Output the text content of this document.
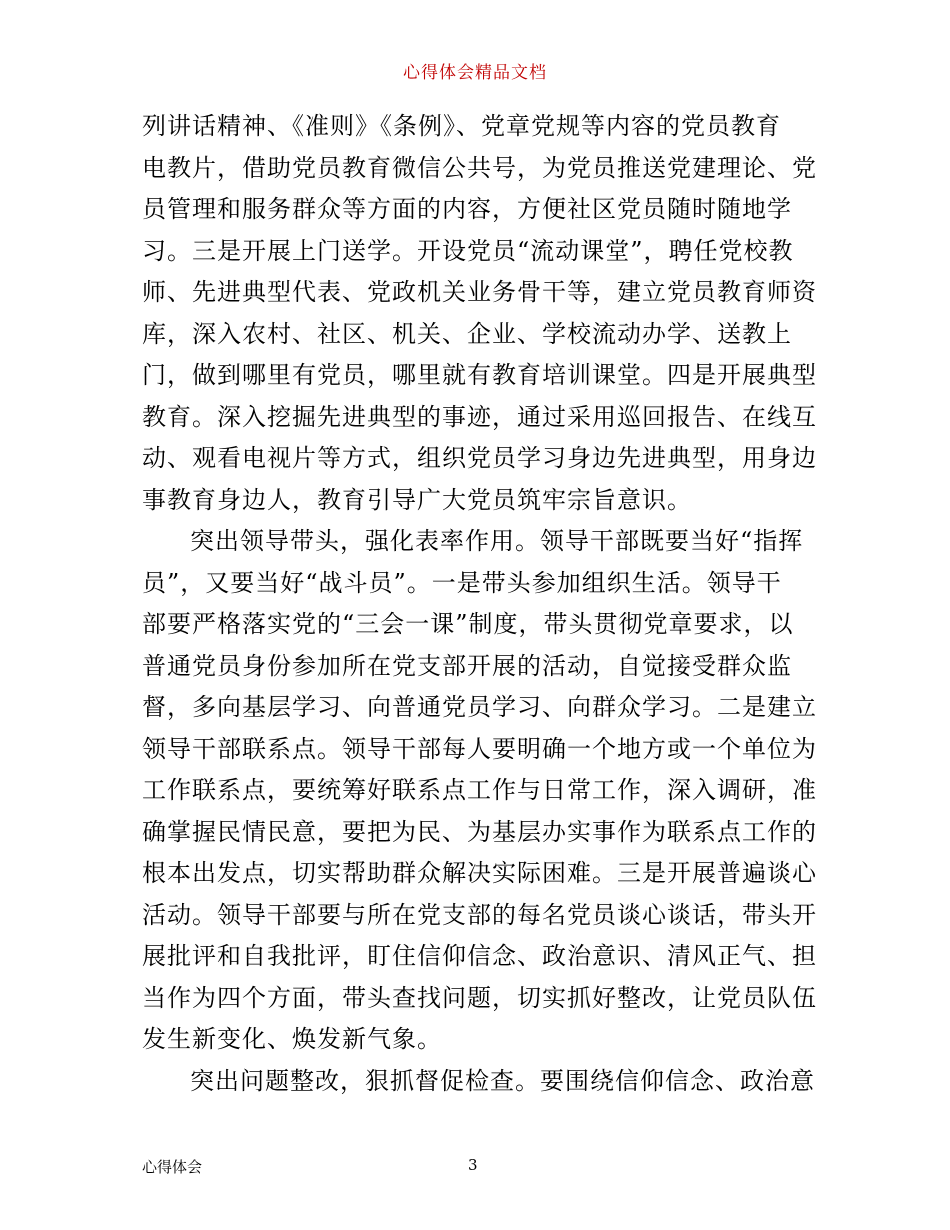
心得体会精品文档
列讲话精神、《准则》《条例》、党章党规等内容的党员教育
电教片，借助党员教育微信公共号，为党员推送党建理论、党
员管理和服务群众等方面的内容，方便社区党员随时随地学
习。三是开展上门送学。开设党员“流动课堂”，聘任党校教
师、先进典型代表、党政机关业务骨干等，建立党员教育师资
库，深入农村、社区、机关、企业、学校流动办学、送教上
门，做到哪里有党员，哪里就有教育培训课堂。四是开展典型
教育。深入挖掘先进典型的事迹，通过采用巡回报告、在线互
动、观看电视片等方式，组织党员学习身边先进典型，用身边
事教育身边人，教育引导广大党员筑牢宗旨意识。
突出领导带头，强化表率作用。领导干部既要当好“指挥
员”，又要当好“战斗员”。一是带头参加组织生活。领导干
部要严格落实党的“三会一课”制度，带头贯彻党章要求，以
普通党员身份参加所在党支部开展的活动，自觉接受群众监
督，多向基层学习、向普通党员学习、向群众学习。二是建立
领导干部联系点。领导干部每人要明确一个地方或一个单位为
工作联系点，要统筹好联系点工作与日常工作，深入调研，准
确掌握民情民意，要把为民、为基层办实事作为联系点工作的
根本出发点，切实帮助群众解决实际困难。三是开展普遍谈心
活动。领导干部要与所在党支部的每名党员谈心谈话，带头开
展批评和自我批评，盯住信仰信念、政治意识、清风正气、担
当作为四个方面，带头查找问题，切实抓好整改，让党员队伍
发生新变化、焕发新气象。
突出问题整改，狠抓督促检查。要围绕信仰信念、政治意
心得体会	3
